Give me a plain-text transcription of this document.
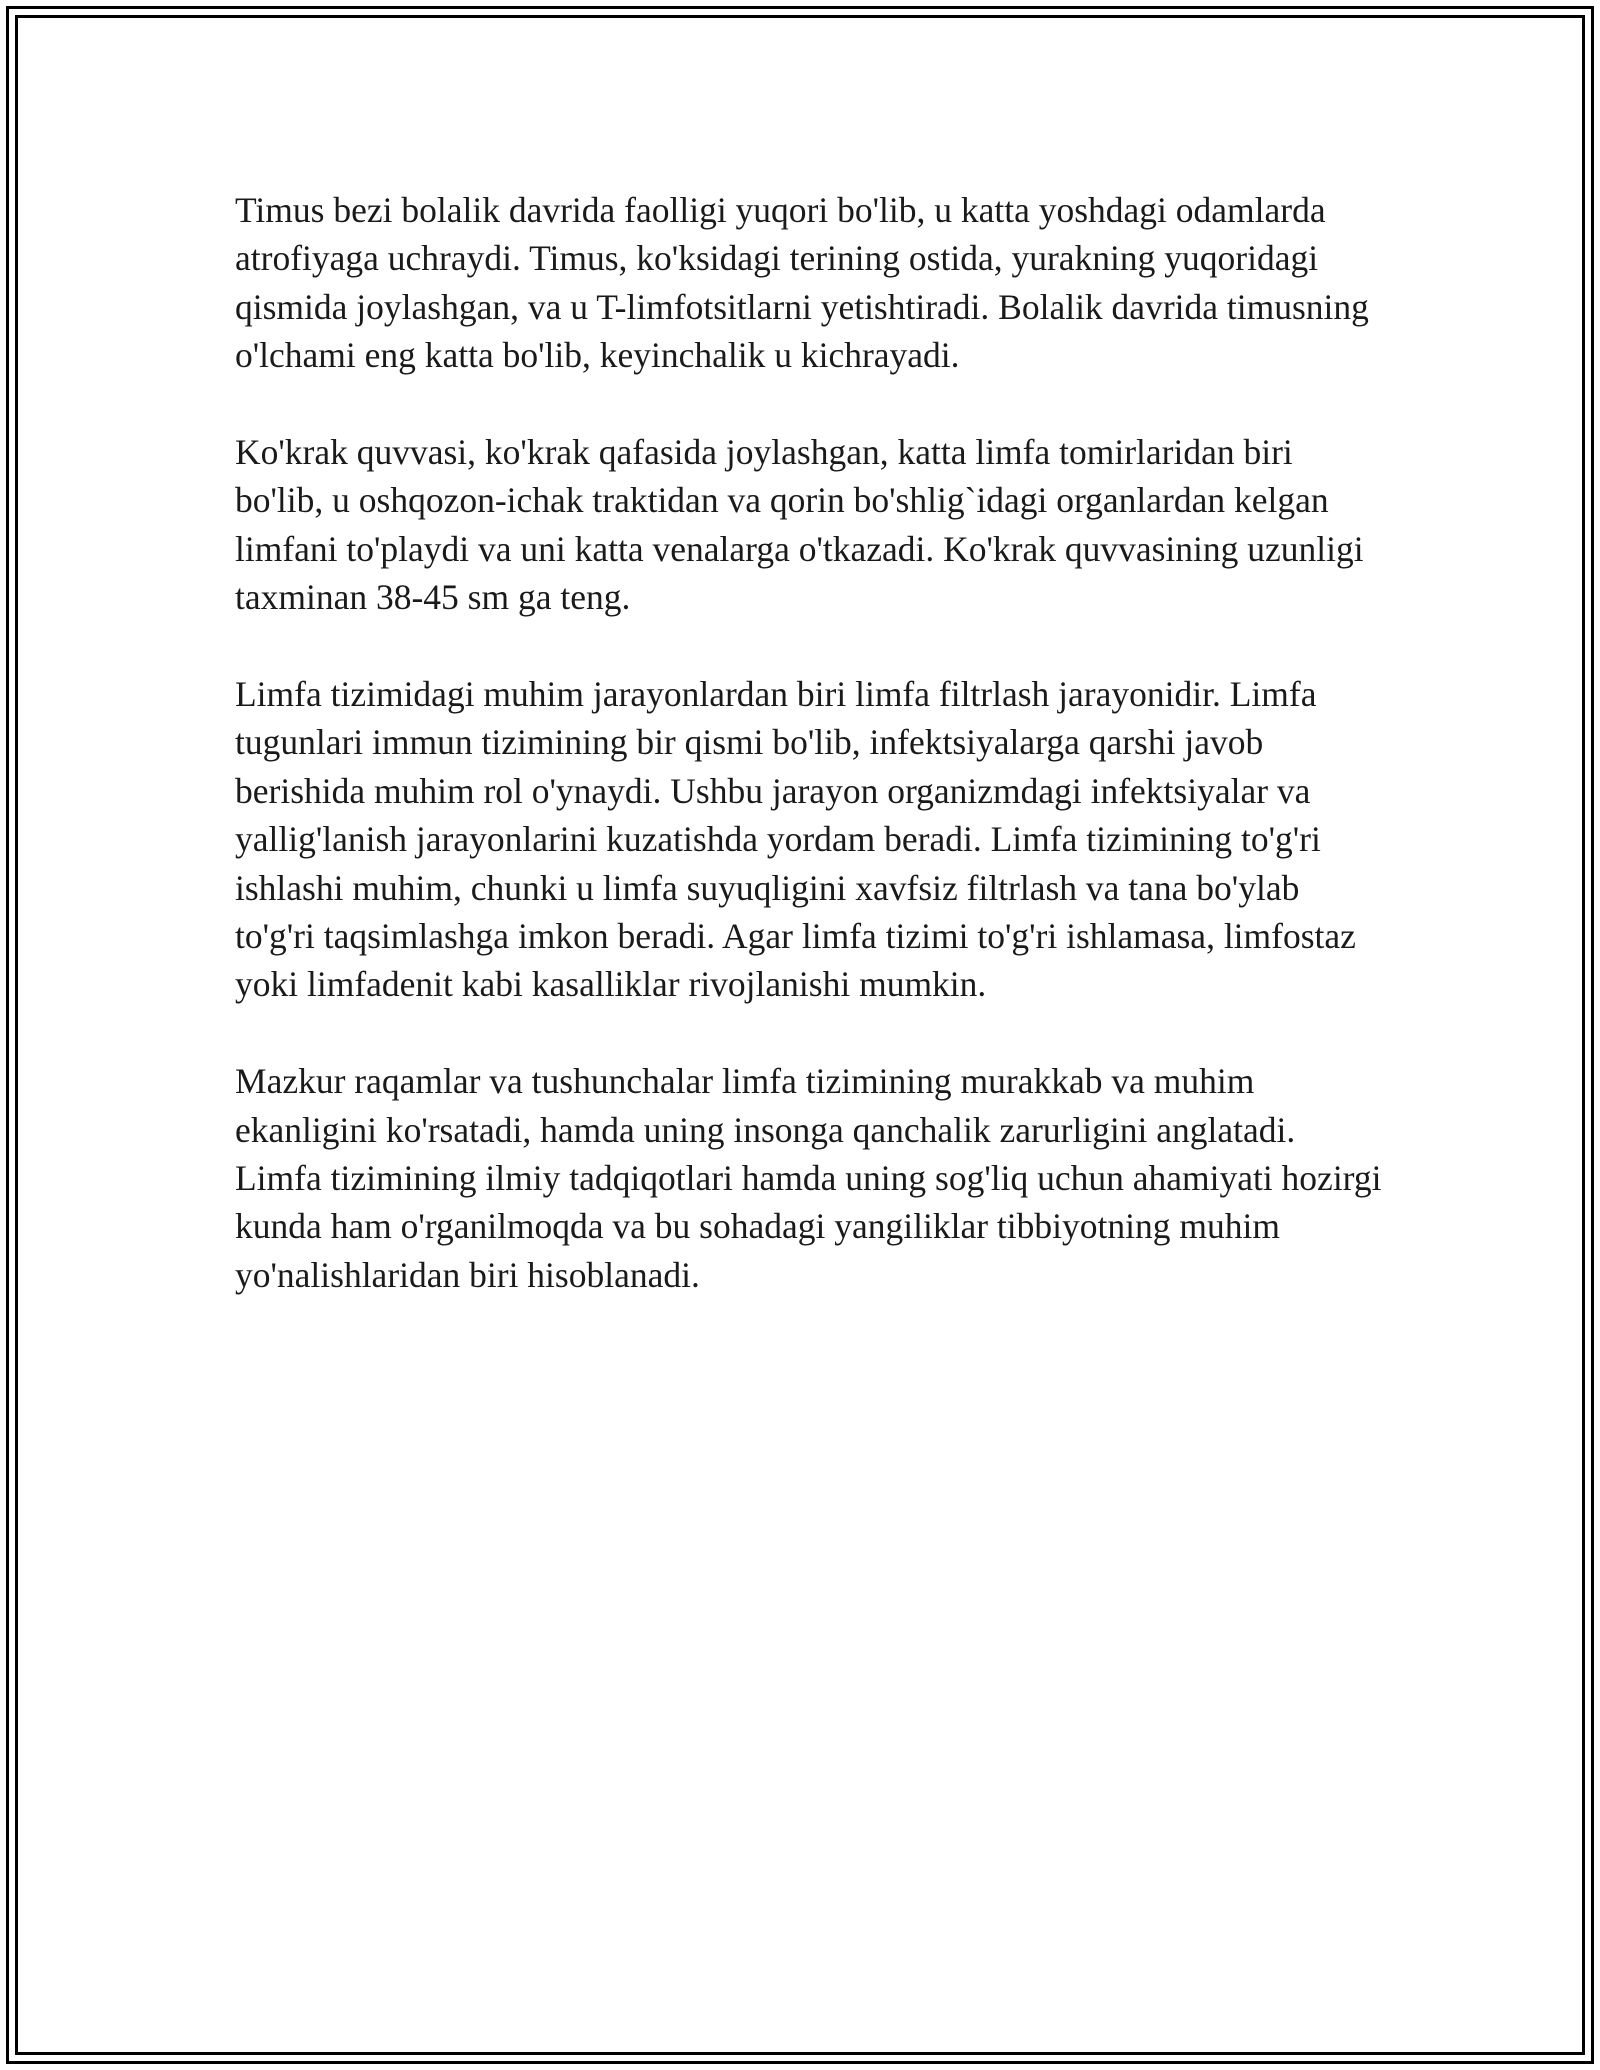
Timus bezi bolalik davrida faolligi yuqori bo'lib, u katta yoshdagi odamlarda atrofiyaga uchraydi. Timus, ko'ksidagi terining ostida, yurakning yuqoridagi qismida joylashgan, va u T-limfotsitlarni yetishtiradi. Bolalik davrida timusning o'lchami eng katta bo'lib, keyinchalik u kichrayadi.

Ko'krak quvvasi, ko'krak qafasida joylashgan, katta limfa tomirlaridan biri bo'lib, u oshqozon-ichak traktidan va qorin bo'shlig`idagi organlardan kelgan limfani to'playdi va uni katta venalarga o'tkazadi. Ko'krak quvvasining uzunligi taxminan 38-45 sm ga teng.

Limfa tizimidagi muhim jarayonlardan biri limfa filtrlash jarayonidir. Limfa tugunlari immun tizimining bir qismi bo'lib, infektsiyalarga qarshi javob berishida muhim rol o'ynaydi. Ushbu jarayon organizmdagi infektsiyalar va yallig'lanish jarayonlarini kuzatishda yordam beradi. Limfa tizimining to'g'ri ishlashi muhim, chunki u limfa suyuqligini xavfsiz filtrlash va tana bo'ylab to'g'ri taqsimlashga imkon beradi. Agar limfa tizimi to'g'ri ishlamasa, limfostaz yoki limfadenit kabi kasalliklar rivojlanishi mumkin.

Mazkur raqamlar va tushunchalar limfa tizimining murakkab va muhim ekanligini ko'rsatadi, hamda uning insonga qanchalik zarurligini anglatadi. Limfa tizimining ilmiy tadqiqotlari hamda uning sog'liq uchun ahamiyati hozirgi kunda ham o'rganilmoqda va bu sohadagi yangiliklar tibbiyotning muhim yo'nalishlaridan biri hisoblanadi.
